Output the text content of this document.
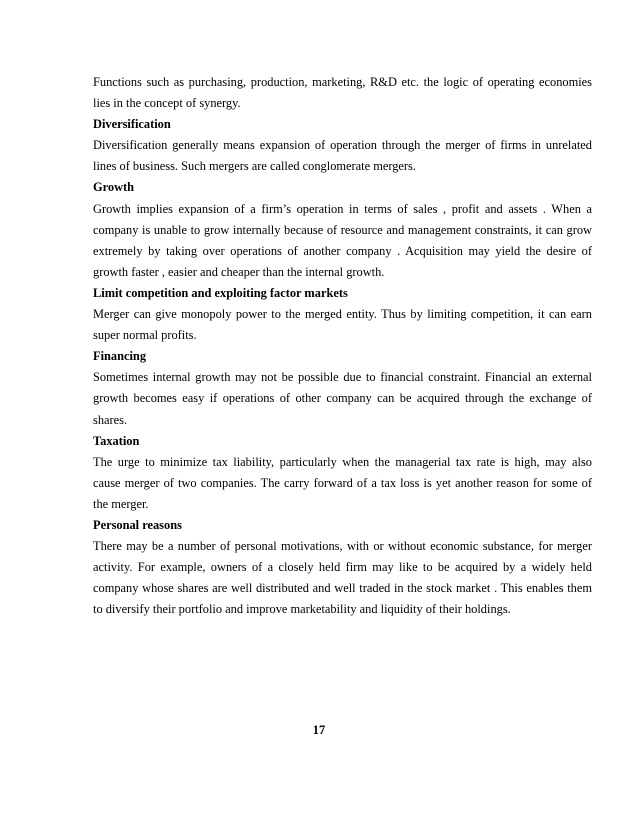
Functions such as purchasing, production, marketing, R&D etc. the logic of operating economies
lies in the concept of synergy.

Diversification

Diversification generally means expansion of operation through the merger of firms in unrelated
lines of business. Such mergers are called conglomerate mergers.

Growth

Growth implies expansion of a firm’s operation in terms of sales , profit and assets . When a
company is unable to grow internally because of resource and management constraints, it can grow
extremely by taking over operations of another company . Acquisition may yield the desire of
growth faster , easier and cheaper than the internal growth.

Limit competition and exploiting factor markets

Merger can give monopoly power to the merged entity. Thus by limiting competition, it can earn
super normal profits.

Financing

Sometimes internal growth may not be possible due to financial constraint. Financial an external
growth becomes easy if operations of other company can be acquired through the exchange of
shares.

Taxation

The urge to minimize tax liability, particularly when the managerial tax rate is high, may also
cause merger of two companies. The carry forward of a tax loss is yet another reason for some of
the merger.

Personal reasons

There may be a number of personal motivations, with or without economic substance, for merger
activity. For example, owners of a closely held firm may like to be acquired by a widely held
company whose shares are well distributed and well traded in the stock market . This enables them
to diversify their portfolio and improve marketability and liquidity of their holdings.

17
